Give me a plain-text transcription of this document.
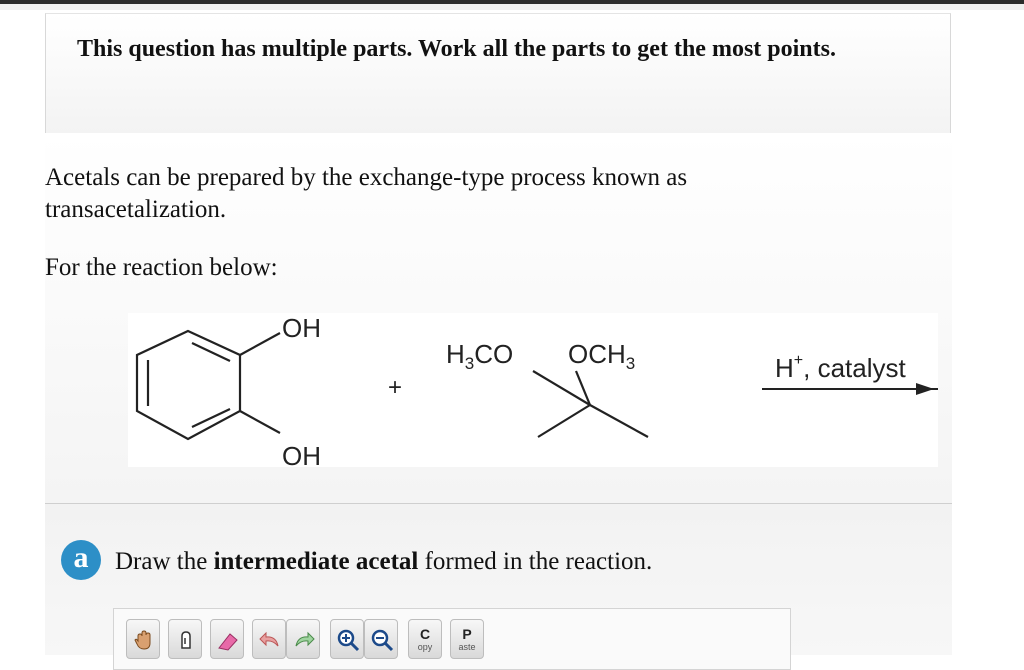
This question has multiple parts. Work all the parts to get the most points.
Acetals can be prepared by the exchange-type process known as transacetalization.
For the reaction below:
OH
OH
+
$H_3CO$ $OCH_3$	H+, catalyst
a	Draw the intermediate acetal formed in the reaction.
C
opy
P
aste
